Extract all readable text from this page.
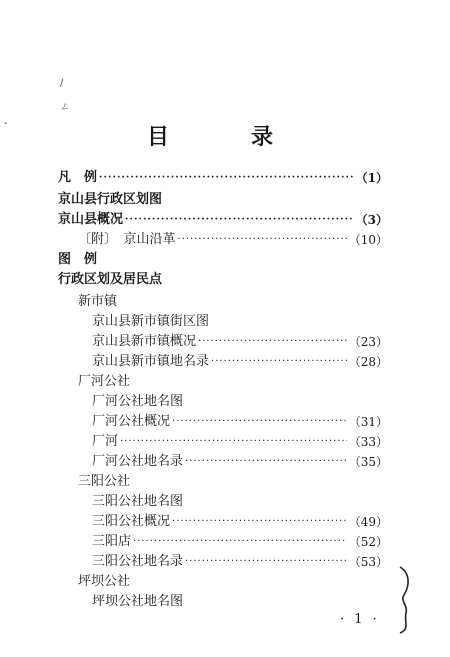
/
ㄥ
-
目　录
凡　例 ·····	（1）
京山县行政区划图
京山县概况 ·····	（3）
〔附〕　京山沿革 ·····	（10）
图　例
行政区划及居民点
新市镇
京山县新市镇街区图
京山县新市镇概况 ·····	（23）
京山县新市镇地名录 ·····	（28）
厂河公社
厂河公社地名图
厂河公社概况 ·····	（31）
厂河 ·····	（33）
厂河公社地名录 ·····	（35）
三阳公社
三阳公社地名图
三阳公社概况 ·····	（49）
三阳店 ·····	（52）
三阳公社地名录 ·····	（53）
坪坝公社
坪坝公社地名图
· 1 ·
